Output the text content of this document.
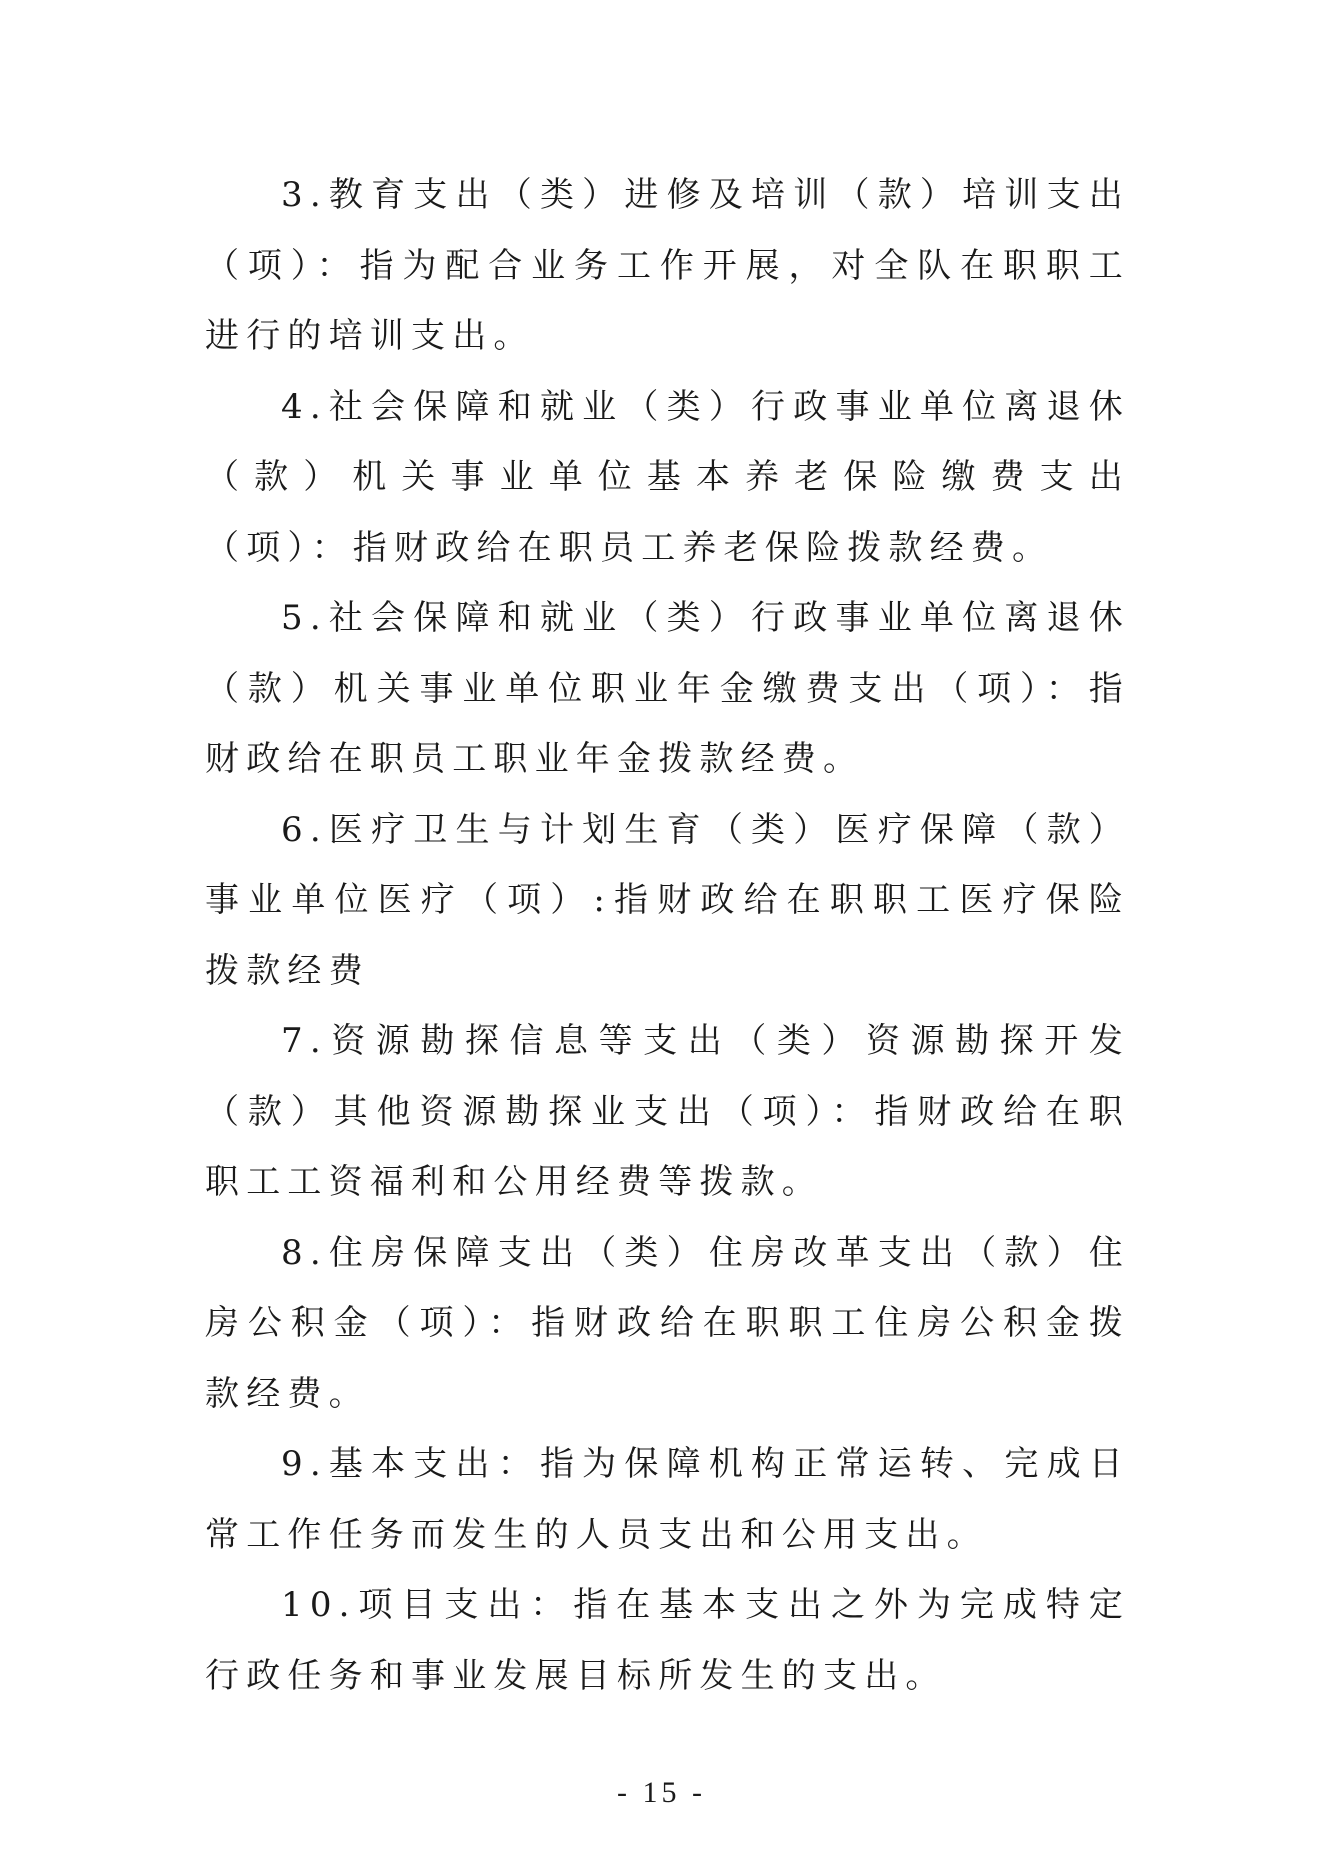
3.教育支出（类）进修及培训（款）培训支出（项）：指为配合业务工作开展，对全队在职职工进行的培训支出。

4.社会保障和就业（类）行政事业单位离退休（款）机关事业单位基本养老保险缴费支出（项）：指财政给在职员工养老保险拨款经费。

5.社会保障和就业（类）行政事业单位离退休（款）机关事业单位职业年金缴费支出（项）：指财政给在职员工职业年金拨款经费。

6.医疗卫生与计划生育（类）医疗保障（款）事业单位医疗（项）:指财政给在职职工医疗保险拨款经费

7.资源勘探信息等支出（类）资源勘探开发（款）其他资源勘探业支出（项）：指财政给在职职工工资福利和公用经费等拨款。

8.住房保障支出（类）住房改革支出（款）住房公积金（项）：指财政给在职职工住房公积金拨款经费。

9.基本支出：指为保障机构正常运转、完成日常工作任务而发生的人员支出和公用支出。

10.项目支出：指在基本支出之外为完成特定行政任务和事业发展目标所发生的支出。

- 15 -
